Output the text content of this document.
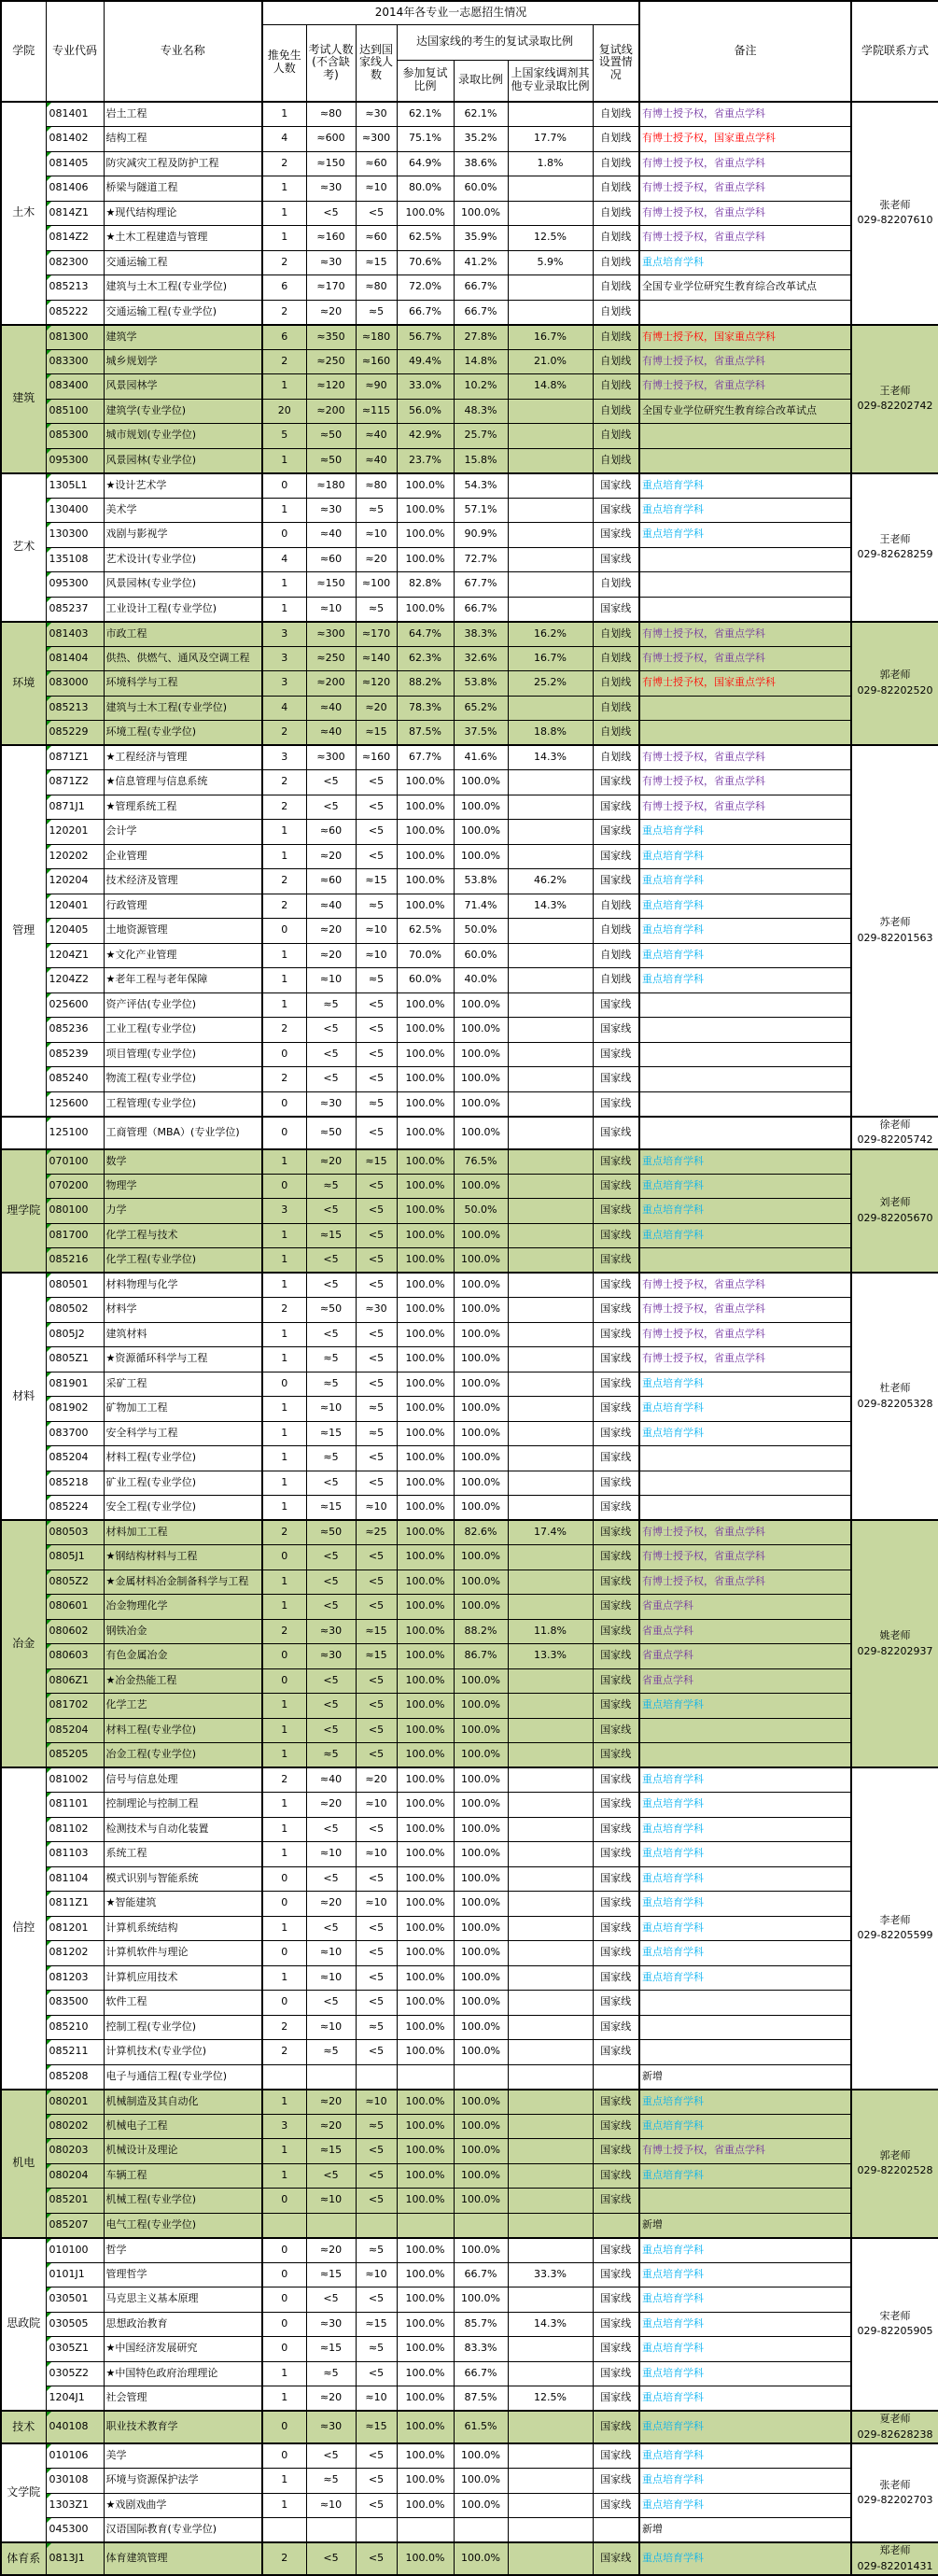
学院	专业代码	专业名称	2014年各专业一志愿招生情况							备注	学院联系方式
			推免生人数	考试人数(不含缺考)	达到国家线人数	达国家线的考生的复试录取比例			复试线设置情况		
						参加复试比例	录取比例	上国家线调剂其他专业录取比例			
土木	081401	岩土工程	1	≈80	≈30	62.1%	62.1%		自划线	有博士授予权，省重点学科	张老师
029-82207610

	081402	结构工程	4	≈600	≈300	75.1%	35.2%	17.7%	自划线	有博士授予权，国家重点学科	
	081405	防灾减灾工程及防护工程	2	≈150	≈60	64.9%	38.6%	1.8%	自划线	有博士授予权，省重点学科	
	081406	桥梁与隧道工程	1	≈30	≈10	80.0%	60.0%		自划线	有博士授予权，省重点学科	
	0814Z1	★现代结构理论	1	<5	<5	100.0%	100.0%		自划线	有博士授予权，省重点学科	
	0814Z2	★土木工程建造与管理	1	≈160	≈60	62.5%	35.9%	12.5%	自划线	有博士授予权，省重点学科	
	082300	交通运输工程	2	≈30	≈15	70.6%	41.2%	5.9%	自划线	重点培育学科	
	085213	建筑与土木工程(专业学位)	6	≈170	≈80	72.0%	66.7%		自划线	全国专业学位研究生教育综合改革试点	
	085222	交通运输工程(专业学位)	2	≈20	≈5	66.7%	66.7%		自划线		
建筑	081300	建筑学	6	≈350	≈180	56.7%	27.8%	16.7%	自划线	有博士授予权，国家重点学科	王老师
029-82202742

	083300	城乡规划学	2	≈250	≈160	49.4%	14.8%	21.0%	自划线	有博士授予权，省重点学科	
	083400	风景园林学	1	≈120	≈90	33.0%	10.2%	14.8%	自划线	有博士授予权，省重点学科	
	085100	建筑学(专业学位)	20	≈200	≈115	56.0%	48.3%		自划线	全国专业学位研究生教育综合改革试点	
	085300	城市规划(专业学位)	5	≈50	≈40	42.9%	25.7%		自划线		
	095300	风景园林(专业学位)	1	≈50	≈40	23.7%	15.8%		自划线		
艺术	1305L1	★设计艺术学	0	≈180	≈80	100.0%	54.3%		国家线	重点培育学科	王老师
029-82628259

	130400	美术学	1	≈30	≈5	100.0%	57.1%		国家线	重点培育学科	
	130300	戏剧与影视学	0	≈40	≈10	100.0%	90.9%		国家线	重点培育学科	
	135108	艺术设计(专业学位)	4	≈60	≈20	100.0%	72.7%		国家线		
	095300	风景园林(专业学位)	1	≈150	≈100	82.8%	67.7%		自划线		
	085237	工业设计工程(专业学位)	1	≈10	≈5	100.0%	66.7%		国家线		
环境	081403	市政工程	3	≈300	≈170	64.7%	38.3%	16.2%	自划线	有博士授予权，省重点学科	郭老师
029-82202520

	081404	供热、供燃气、通风及空调工程	3	≈250	≈140	62.3%	32.6%	16.7%	自划线	有博士授予权，省重点学科	
	083000	环境科学与工程	3	≈200	≈120	88.2%	53.8%	25.2%	自划线	有博士授予权，国家重点学科	
	085213	建筑与土木工程(专业学位)	4	≈40	≈20	78.3%	65.2%		自划线		
	085229	环境工程(专业学位)	2	≈40	≈15	87.5%	37.5%	18.8%	自划线		
管理	0871Z1	★工程经济与管理	3	≈300	≈160	67.7%	41.6%	14.3%	自划线	有博士授予权，省重点学科	苏老师
029-82201563

	0871Z2	★信息管理与信息系统	2	<5	<5	100.0%	100.0%		国家线	有博士授予权，省重点学科	
	0871J1	★管理系统工程	2	<5	<5	100.0%	100.0%		国家线	有博士授予权，省重点学科	
	120201	会计学	1	≈60	<5	100.0%	100.0%		国家线	重点培育学科	
	120202	企业管理	1	≈20	<5	100.0%	100.0%		国家线	重点培育学科	
	120204	技术经济及管理	2	≈60	≈15	100.0%	53.8%	46.2%	国家线	重点培育学科	
	120401	行政管理	2	≈40	≈5	100.0%	71.4%	14.3%	自划线	重点培育学科	
	120405	土地资源管理	0	≈20	≈10	62.5%	50.0%		自划线	重点培育学科	
	1204Z1	★文化产业管理	1	≈20	≈10	70.0%	60.0%		自划线	重点培育学科	
	1204Z2	★老年工程与老年保障	1	≈10	≈5	60.0%	40.0%		自划线	重点培育学科	
	025600	资产评估(专业学位)	1	≈5	<5	100.0%	100.0%		国家线		
	085236	工业工程(专业学位)	2	<5	<5	100.0%	100.0%		国家线		
	085239	项目管理(专业学位)	0	<5	<5	100.0%	100.0%		国家线		
	085240	物流工程(专业学位)	2	<5	<5	100.0%	100.0%		国家线		
	125600	工程管理(专业学位)	0	≈30	≈5	100.0%	100.0%		国家线		
	125100	工商管理（MBA）(专业学位)	0	≈50	<5	100.0%	100.0%		国家线		徐老师
029-82205742

理学院	070100	数学	1	≈20	≈15	100.0%	76.5%		国家线	重点培育学科	刘老师
029-82205670

	070200	物理学	0	≈5	<5	100.0%	100.0%		国家线	重点培育学科	
	080100	力学	3	<5	<5	100.0%	50.0%		国家线	重点培育学科	
	081700	化学工程与技术	1	≈15	<5	100.0%	100.0%		国家线	重点培育学科	
	085216	化学工程(专业学位)	1	<5	<5	100.0%	100.0%		国家线		
材料	080501	材料物理与化学	1	<5	<5	100.0%	100.0%		国家线	有博士授予权，省重点学科	杜老师
029-82205328

	080502	材料学	2	≈50	≈30	100.0%	100.0%		国家线	有博士授予权，省重点学科	
	0805J2	建筑材料	1	<5	<5	100.0%	100.0%		国家线	有博士授予权，省重点学科	
	0805Z1	★资源循环科学与工程	1	≈5	<5	100.0%	100.0%		国家线	有博士授予权，省重点学科	
	081901	采矿工程	0	≈5	<5	100.0%	100.0%		国家线	重点培育学科	
	081902	矿物加工工程	1	≈10	≈5	100.0%	100.0%		国家线	重点培育学科	
	083700	安全科学与工程	1	≈15	≈5	100.0%	100.0%		国家线	重点培育学科	
	085204	材料工程(专业学位)	1	≈5	<5	100.0%	100.0%		国家线		
	085218	矿业工程(专业学位)	1	<5	<5	100.0%	100.0%		国家线		
	085224	安全工程(专业学位)	1	≈15	≈10	100.0%	100.0%		国家线		
冶金	080503	材料加工工程	2	≈50	≈25	100.0%	82.6%	17.4%	国家线	有博士授予权，省重点学科	姚老师
029-82202937

	0805J1	★钢结构材料与工程	0	<5	<5	100.0%	100.0%		国家线	有博士授予权，省重点学科	
	0805Z2	★金属材料冶金制备科学与工程	1	<5	<5	100.0%	100.0%		国家线	有博士授予权，省重点学科	
	080601	冶金物理化学	1	<5	<5	100.0%	100.0%		国家线	省重点学科	
	080602	钢铁冶金	2	≈30	≈15	100.0%	88.2%	11.8%	国家线	省重点学科	
	080603	有色金属冶金	0	≈30	≈15	100.0%	86.7%	13.3%	国家线	省重点学科	
	0806Z1	★冶金热能工程	0	<5	<5	100.0%	100.0%		国家线	省重点学科	
	081702	化学工艺	1	<5	<5	100.0%	100.0%		国家线	重点培育学科	
	085204	材料工程(专业学位)	1	<5	<5	100.0%	100.0%		国家线		
	085205	冶金工程(专业学位)	1	≈5	<5	100.0%	100.0%		国家线		
信控	081002	信号与信息处理	2	≈40	≈20	100.0%	100.0%		国家线	重点培育学科	李老师
029-82205599

	081101	控制理论与控制工程	1	≈20	≈10	100.0%	100.0%		国家线	重点培育学科	
	081102	检测技术与自动化装置	1	<5	<5	100.0%	100.0%		国家线	重点培育学科	
	081103	系统工程	1	≈10	≈10	100.0%	100.0%		国家线	重点培育学科	
	081104	模式识别与智能系统	0	<5	<5	100.0%	100.0%		国家线	重点培育学科	
	0811Z1	★智能建筑	0	≈20	≈10	100.0%	100.0%		国家线	重点培育学科	
	081201	计算机系统结构	1	<5	<5	100.0%	100.0%		国家线	重点培育学科	
	081202	计算机软件与理论	0	≈10	<5	100.0%	100.0%		国家线	重点培育学科	
	081203	计算机应用技术	1	≈10	<5	100.0%	100.0%		国家线	重点培育学科	
	083500	软件工程	0	<5	<5	100.0%	100.0%		国家线		
	085210	控制工程(专业学位)	2	≈10	≈5	100.0%	100.0%		国家线		
	085211	计算机技术(专业学位)	2	≈5	<5	100.0%	100.0%		国家线		
	085208	电子与通信工程(专业学位)								新增	
机电	080201	机械制造及其自动化	1	≈20	≈10	100.0%	100.0%		国家线	重点培育学科	郭老师
029-82202528

	080202	机械电子工程	3	≈20	≈5	100.0%	100.0%		国家线	重点培育学科	
	080203	机械设计及理论	1	≈15	<5	100.0%	100.0%		国家线	有博士授予权，省重点学科	
	080204	车辆工程	1	<5	<5	100.0%	100.0%		国家线	重点培育学科	
	085201	机械工程(专业学位)	0	≈10	<5	100.0%	100.0%		国家线		
	085207	电气工程(专业学位)								新增	
思政院	010100	哲学	0	≈20	≈5	100.0%	100.0%		国家线	重点培育学科	宋老师
029-82205905

	0101J1	管理哲学	0	≈15	≈10	100.0%	66.7%	33.3%	国家线	重点培育学科	
	030501	马克思主义基本原理	0	<5	<5	100.0%	100.0%		国家线	重点培育学科	
	030505	思想政治教育	0	≈30	≈15	100.0%	85.7%	14.3%	国家线	重点培育学科	
	0305Z1	★中国经济发展研究	0	≈15	≈5	100.0%	83.3%		国家线	重点培育学科	
	0305Z2	★中国特色政府治理理论	1	≈5	<5	100.0%	66.7%		国家线	重点培育学科	
	1204J1	社会管理	1	≈20	≈10	100.0%	87.5%	12.5%	国家线	重点培育学科	
技术	040108	职业技术教育学	0	≈30	≈15	100.0%	61.5%		国家线	重点培育学科	夏老师
029-82628238

文学院	010106	美学	0	<5	<5	100.0%	100.0%		国家线	重点培育学科	张老师
029-82202703

	030108	环境与资源保护法学	1	≈5	<5	100.0%	100.0%		国家线	重点培育学科	
	1303Z1	★戏剧戏曲学	1	≈10	<5	100.0%	100.0%		国家线	重点培育学科	
	045300	汉语国际教育(专业学位)								新增	
体育系	0813J1	体育建筑管理	2	<5	<5	100.0%	100.0%		国家线	重点培育学科	郑老师
029-82201431
